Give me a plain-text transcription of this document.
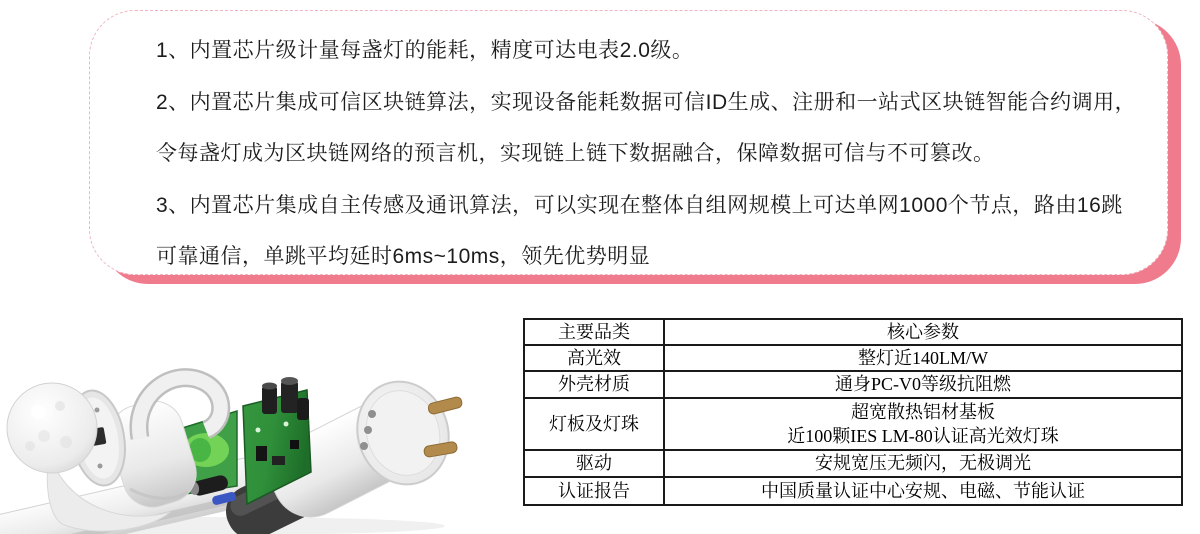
1、内置芯片级计量每盏灯的能耗，精度可达电表2.0级。
2、内置芯片集成可信区块链算法，实现设备能耗数据可信ID生成、注册和一站式区块链智能合约调用，
令每盏灯成为区块链网络的预言机，实现链上链下数据融合，保障数据可信与不可篡改。
3、内置芯片集成自主传感及通讯算法，可以实现在整体自组网规模上可达单网1000个节点，路由16跳
可靠通信，单跳平均延时6ms~10ms，领先优势明显
主要品类	核心参数
高光效	整灯近140LM/W
外壳材质	通身PC-V0等级抗阻燃
灯板及灯珠	超宽散热铝材基板
近100颗IES LM-80认证高光效灯珠

驱动	安规宽压无频闪，无极调光
认证报告	中国质量认证中心安规、电磁、节能认证
